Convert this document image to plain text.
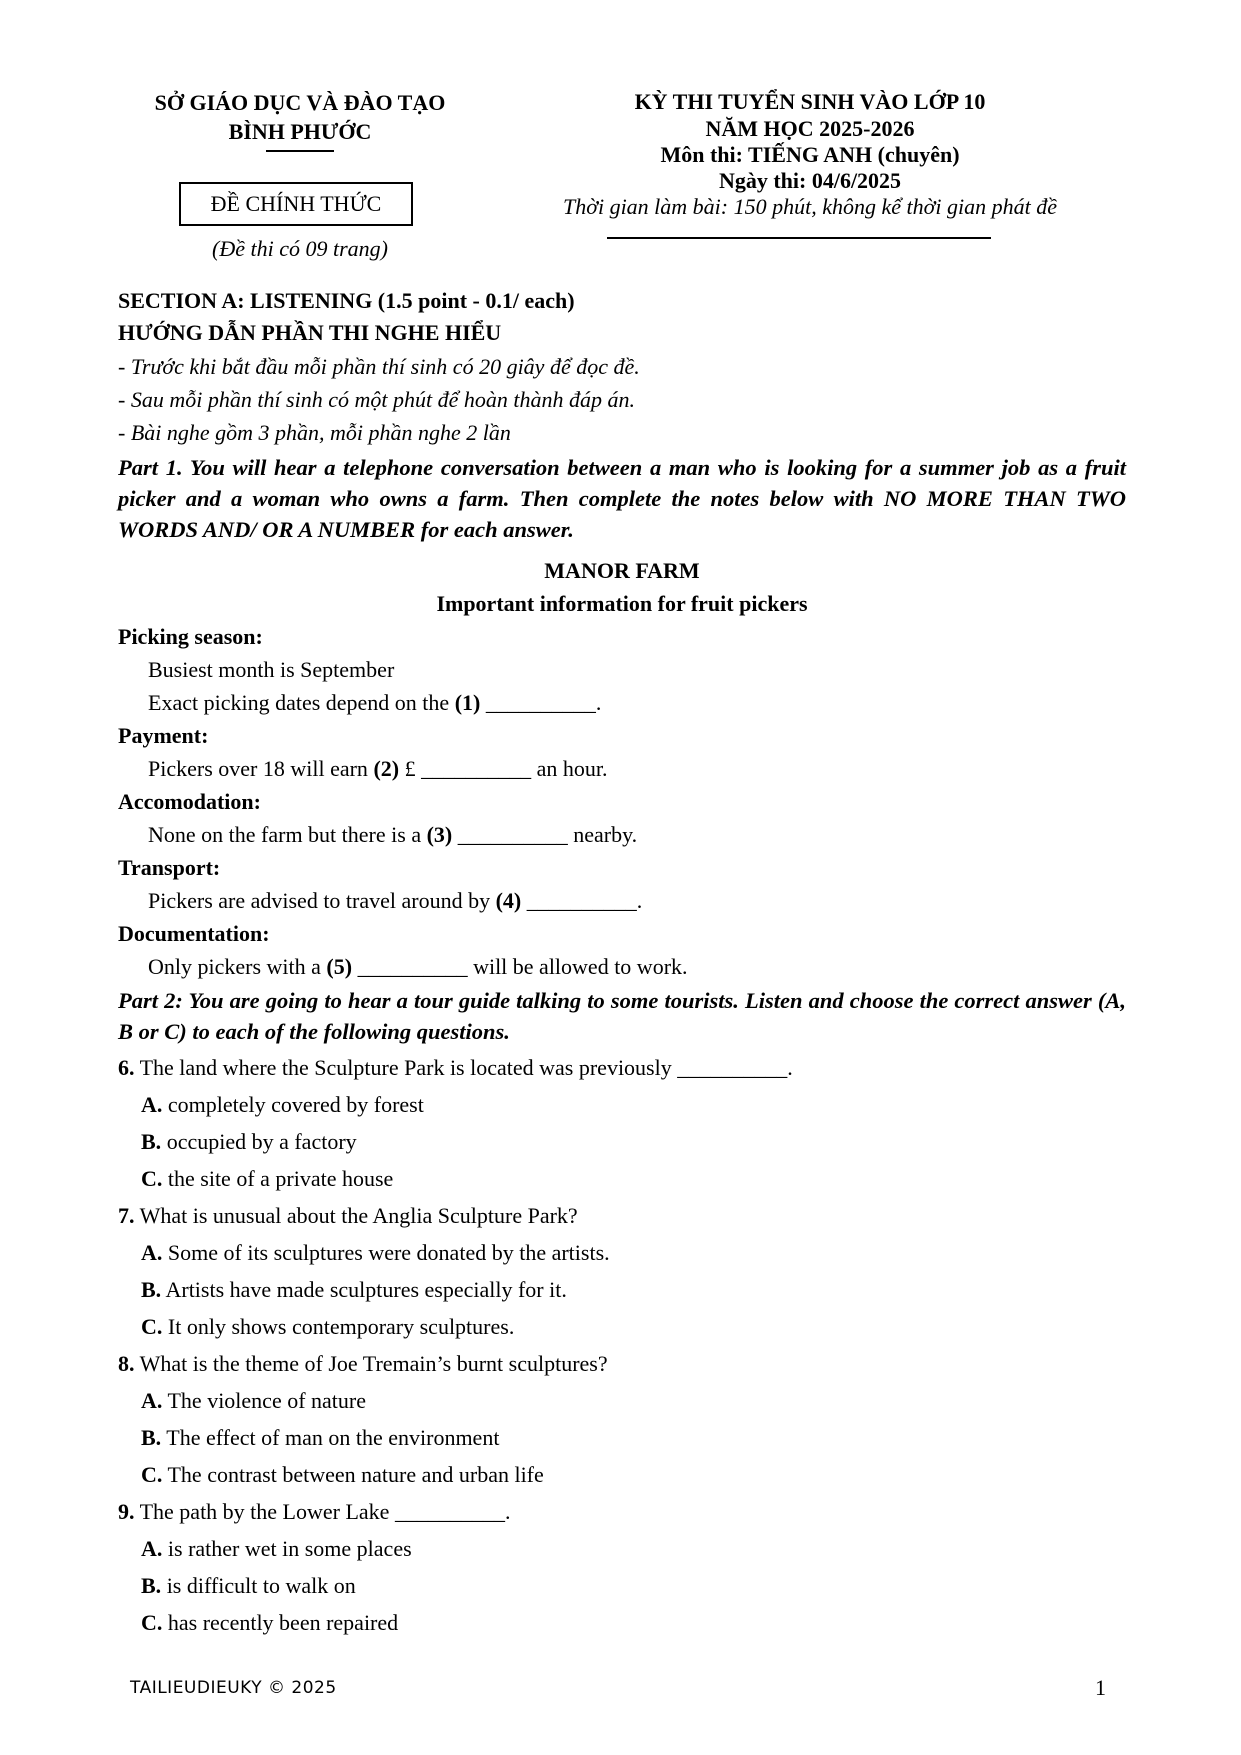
SỞ GIÁO DỤC VÀ ĐÀO TẠO
BÌNH PHƯỚC
ĐỀ CHÍNH THỨC
(Đề thi có 09 trang)
KỲ THI TUYỂN SINH VÀO LỚP 10
NĂM HỌC 2025-2026
Môn thi: TIẾNG ANH (chuyên)
Ngày thi: 04/6/2025
Thời gian làm bài: 150 phút, không kể thời gian phát đề
SECTION A: LISTENING (1.5 point - 0.1/ each)
HƯỚNG DẪN PHẦN THI NGHE HIỂU
- Trước khi bắt đầu mỗi phần thí sinh có 20 giây để đọc đề.
- Sau mỗi phần thí sinh có một phút để hoàn thành đáp án.
- Bài nghe gồm 3 phần, mỗi phần nghe 2 lần
Part 1. You will hear a telephone conversation between a man who is looking for a summer job as a fruit picker and a woman who owns a farm. Then complete the notes below with NO MORE THAN TWO WORDS AND/ OR A NUMBER for each answer.
MANOR FARM
Important information for fruit pickers
Picking season:
Busiest month is September
Exact picking dates depend on the (1) __________.
Payment:
Pickers over 18 will earn (2) £ __________ an hour.
Accomodation:
None on the farm but there is a (3) __________ nearby.
Transport:
Pickers are advised to travel around by (4) __________.
Documentation:
Only pickers with a (5) __________ will be allowed to work.
Part 2: You are going to hear a tour guide talking to some tourists. Listen and choose the correct answer (A, B or C) to each of the following questions.
6. The land where the Sculpture Park is located was previously __________.
A. completely covered by forest
B. occupied by a factory
C. the site of a private house
7. What is unusual about the Anglia Sculpture Park?
A. Some of its sculptures were donated by the artists.
B. Artists have made sculptures especially for it.
C. It only shows contemporary sculptures.
8. What is the theme of Joe Tremain’s burnt sculptures?
A. The violence of nature
B. The effect of man on the environment
C. The contrast between nature and urban life
9. The path by the Lower Lake __________.
A. is rather wet in some places
B. is difficult to walk on
C. has recently been repaired
TAILIEUDIEUKY © 2025	1
